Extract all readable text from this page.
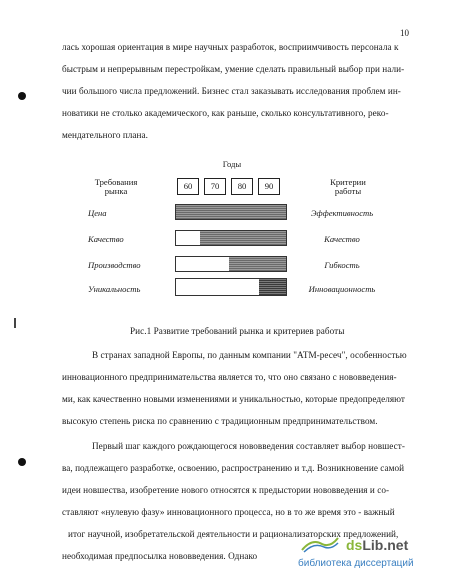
10
лась хорошая ориентация в мире научных разработок, восприимчивость персонала к
быстрым и непрерывным перестройкам, умение сделать правильный выбор при нали-
чии большого числа предложений. Бизнес стал заказывать исследования проблем ин-
новатики не столько академического, как раньше, сколько консультативного, реко-
мендательного плана.
Годы
Требования
рынка
Критерии
работы
60	70	80	90
Цена	Эффективность
Качество	Качество
Производство	Гибкость
Уникальность	Инновационность
Рис.1 Развитие требований рынка и критериев работы
В странах западной Европы, по данным компании "АТМ-ресеч", особенностью
инновационного предпринимательства является то, что оно связано с нововведения-
ми, как качественно новыми изменениями и уникальностью, которые предопределяют
высокую степень риска по сравнению с традиционным предпринимательством.
Первый шаг каждого рождающегося нововведения составляет выбор новшест-
ва, подлежащего разработке, освоению, распространению и т.д. Возникновение самой
идеи новшества, изобретение нового относятся к предыстории нововведения и со-
ставляют «нулевую фазу» инновационного процесса, но в то же время это - важный
итог научной, изобретательской деятельности и рационализаторских предложений,
необходимая предпосылка нововведения. Однако
dsLib.net
библиотека диссертаций
